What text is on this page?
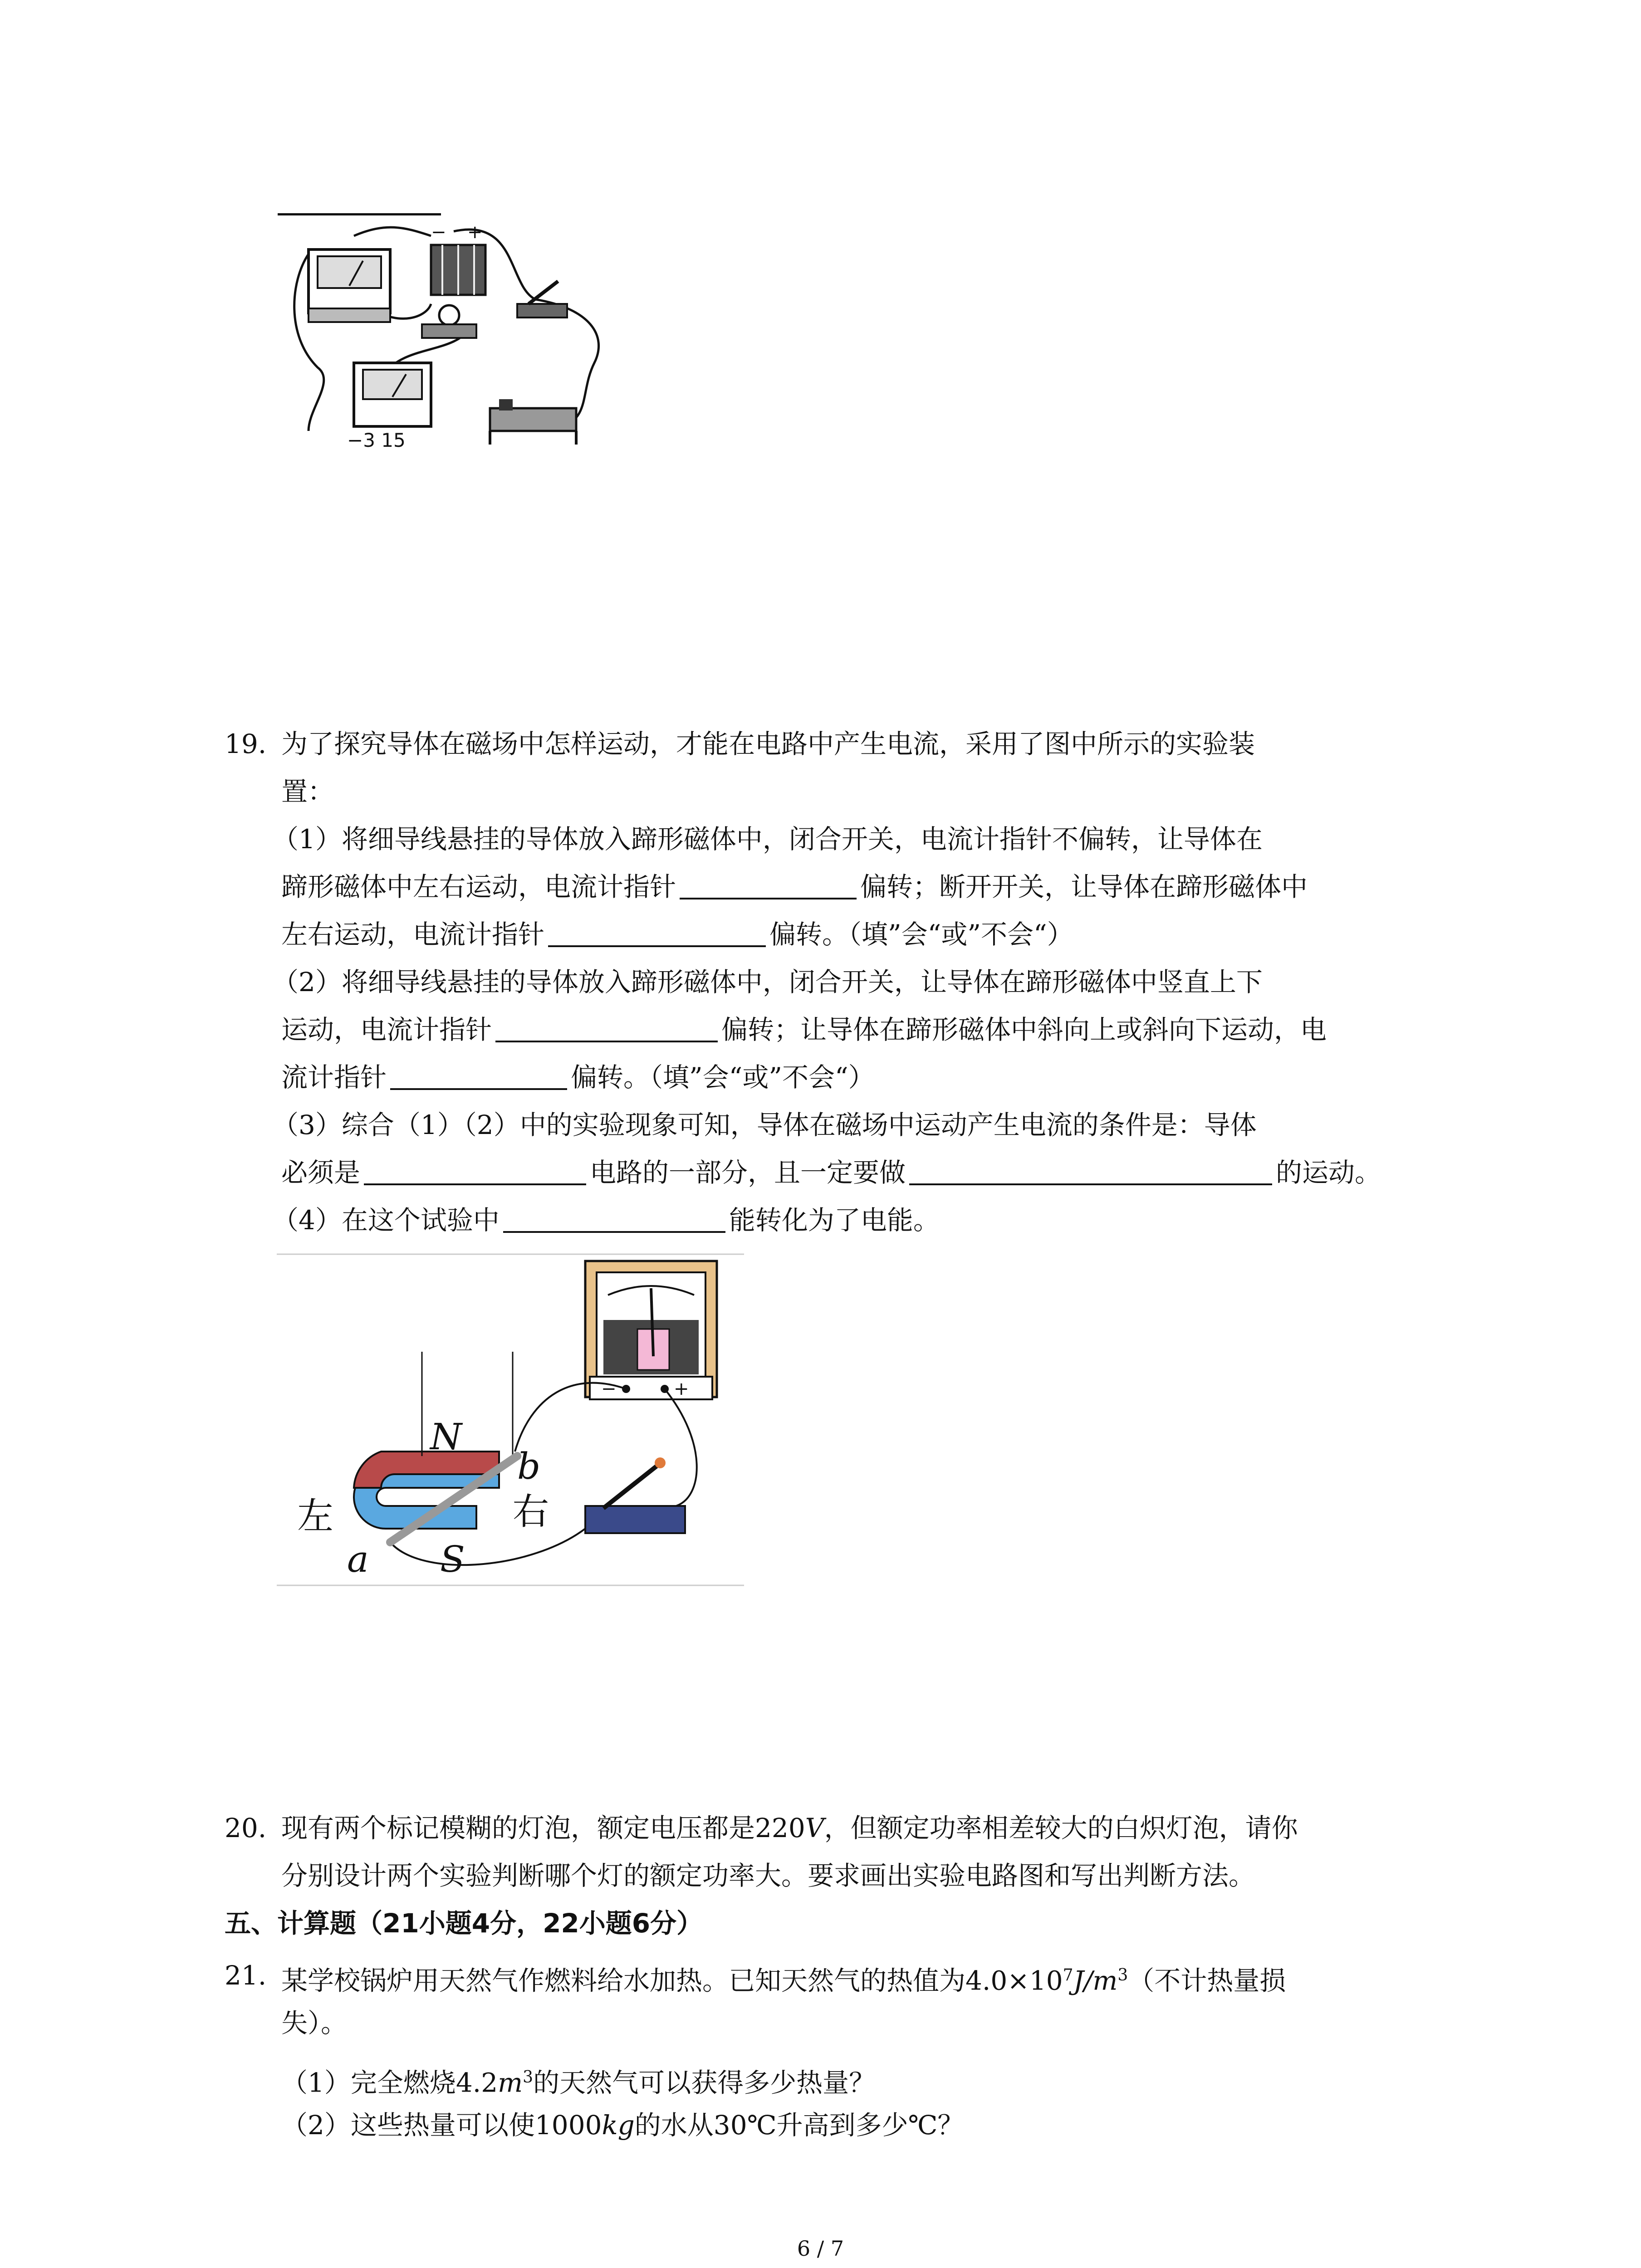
− +
−3 15
19. 为了探究导体在磁场中怎样运动，才能在电路中产生电流，采用了图中所示的实验装
置：
（1）将细导线悬挂的导体放入蹄形磁体中，闭合开关，电流计指针不偏转，让导体在
蹄形磁体中左右运动，电流计指针	偏转；断开开关，让导体在蹄形磁体中
左右运动，电流计指针	偏转。（填”会“或”不会“）
（2）将细导线悬挂的导体放入蹄形磁体中，闭合开关，让导体在蹄形磁体中竖直上下
运动，电流计指针	偏转；让导体在蹄形磁体中斜向上或斜向下运动，电
流计指针	偏转。（填”会“或”不会“）
（3）综合（1）（2）中的实验现象可知，导体在磁场中运动产生电流的条件是：导体
必须是	电路的一部分，且一定要做	的运动。
（4）在这个试验中	能转化为了电能。
−	+
N
S
a
b
左	右
20. 现有两个标记模糊的灯泡，额定电压都是220V，但额定功率相差较大的白炽灯泡，请你
分别设计两个实验判断哪个灯的额定功率大。要求画出实验电路图和写出判断方法。
五、计算题（21小题4分，22小题6分）
21. 某学校锅炉用天然气作燃料给水加热。已知天然气的热值为$4.0\times 10^7J/m^3$（不计热量损
失）。
（1）完全燃烧$4.2m^3$的天然气可以获得多少热量？
（2）这些热量可以使1000kg的水从30℃升高到多少℃？
6 / 7
